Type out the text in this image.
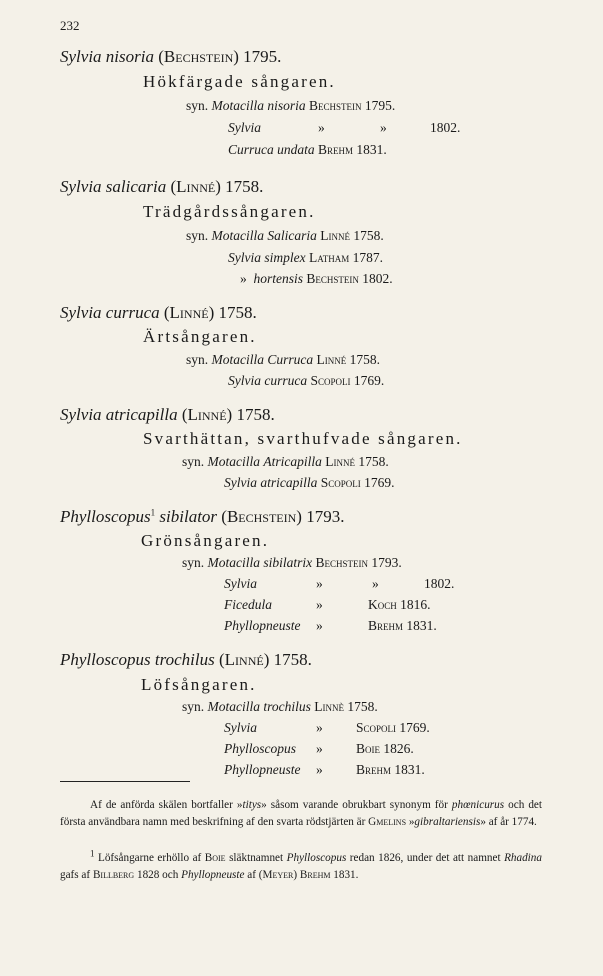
232
Sylvia nisoria (Bechstein) 1795.
Hökfärgade sångaren.
syn. Motacilla nisoria Bechstein 1795.
Sylvia	»	»	1802.
Curruca undata Brehm 1831.
Sylvia salicaria (Linné) 1758.
Trädgårdssångaren.
syn. Motacilla Salicaria Linné 1758.
Sylvia simplex Latham 1787.
» hortensis Bechstein 1802.
Sylvia curruca (Linné) 1758.
Ärtsångaren.
syn. Motacilla Curruca Linné 1758.
Sylvia curruca Scopoli 1769.
Sylvia atricapilla (Linné) 1758.
Svarthättan, svarthufvade sångaren.
syn. Motacilla Atricapilla Linné 1758.
Sylvia atricapilla Scopoli 1769.
Phylloscopus$^1$ sibilator (Bechstein) 1793.
Grönsångaren.
syn. Motacilla sibilatrix Bechstein 1793.
Sylvia	»	»	1802.
Ficedula	»	Koch 1816.
Phyllopneuste »	Brehm 1831.
Phylloscopus trochilus (Linné) 1758.
Löfsångaren.
syn. Motacilla trochilus Linnè 1758.
Sylvia	» Scopoli 1769.
Phylloscopus » Boie 1826.
Phyllopneuste » Brehm 1831.
Af de anförda skälen bortfaller »titys» såsom varande obrukbart synonym för phœnicurus och det första användbara namn med beskrifning af den svarta rödstjärten är Gmelins »gibraltariensis» af år 1774.
$^1$ Löfsångarne erhöllo af Boie släktnamnet Phylloscopus redan 1826, under det att namnet Rhadina gafs af Billberg 1828 och Phyllopneuste af (Meyer) Brehm 1831.
